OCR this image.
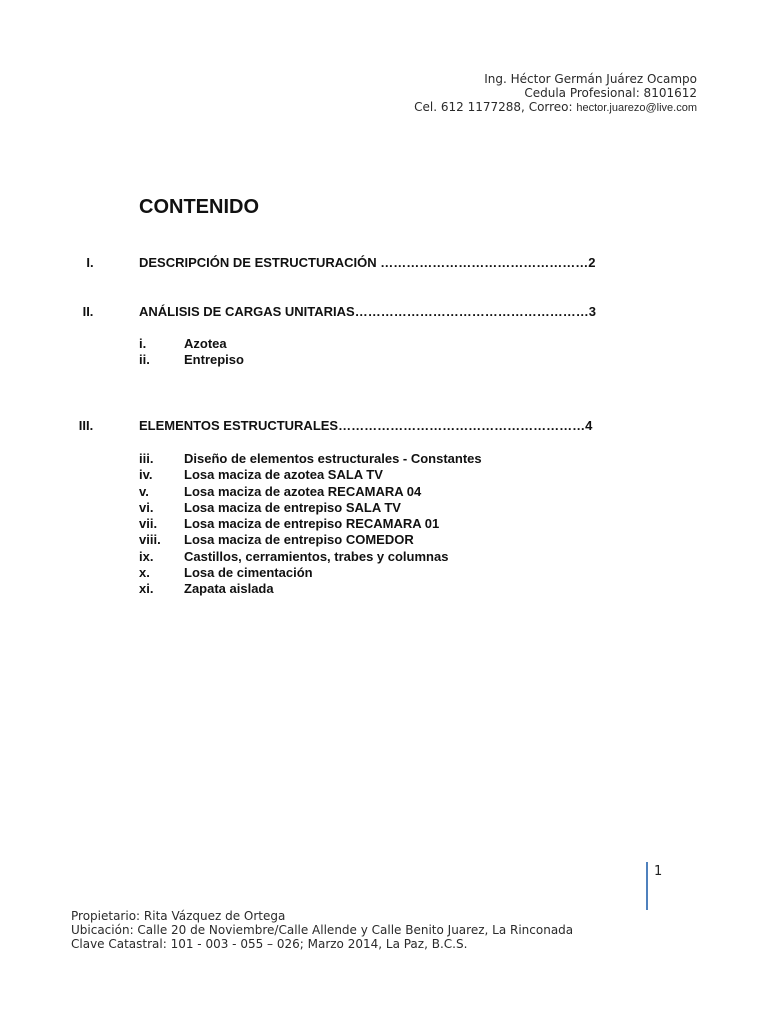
Ing. Héctor Germán Juárez Ocampo
Cedula Profesional: 8101612
Cel. 612 1177288, Correo: hector.juarezo@live.com
CONTENIDO
I.	DESCRIPCIÓN DE ESTRUCTURACIÓN …………………………………………2
II.	ANÁLISIS DE CARGAS UNITARIAS………………………………………………3
i.	Azotea
ii.	Entrepiso
III.	ELEMENTOS ESTRUCTURALES…………………………………………………4
iii. Diseño de elementos estructurales - Constantes
iv. Losa maciza de azotea SALA TV
v.	Losa maciza de azotea RECAMARA 04
vi. Losa maciza de entrepiso SALA TV
vii. Losa maciza de entrepiso RECAMARA 01
viii. Losa maciza de entrepiso COMEDOR
ix. Castillos, cerramientos, trabes y columnas
x.	Losa de cimentación
xi. Zapata aislada
1
Propietario: Rita Vázquez de Ortega
Ubicación: Calle 20 de Noviembre/Calle Allende y Calle Benito Juarez, La Rinconada
Clave Catastral: 101 - 003 - 055 – 026; Marzo 2014, La Paz, B.C.S.
